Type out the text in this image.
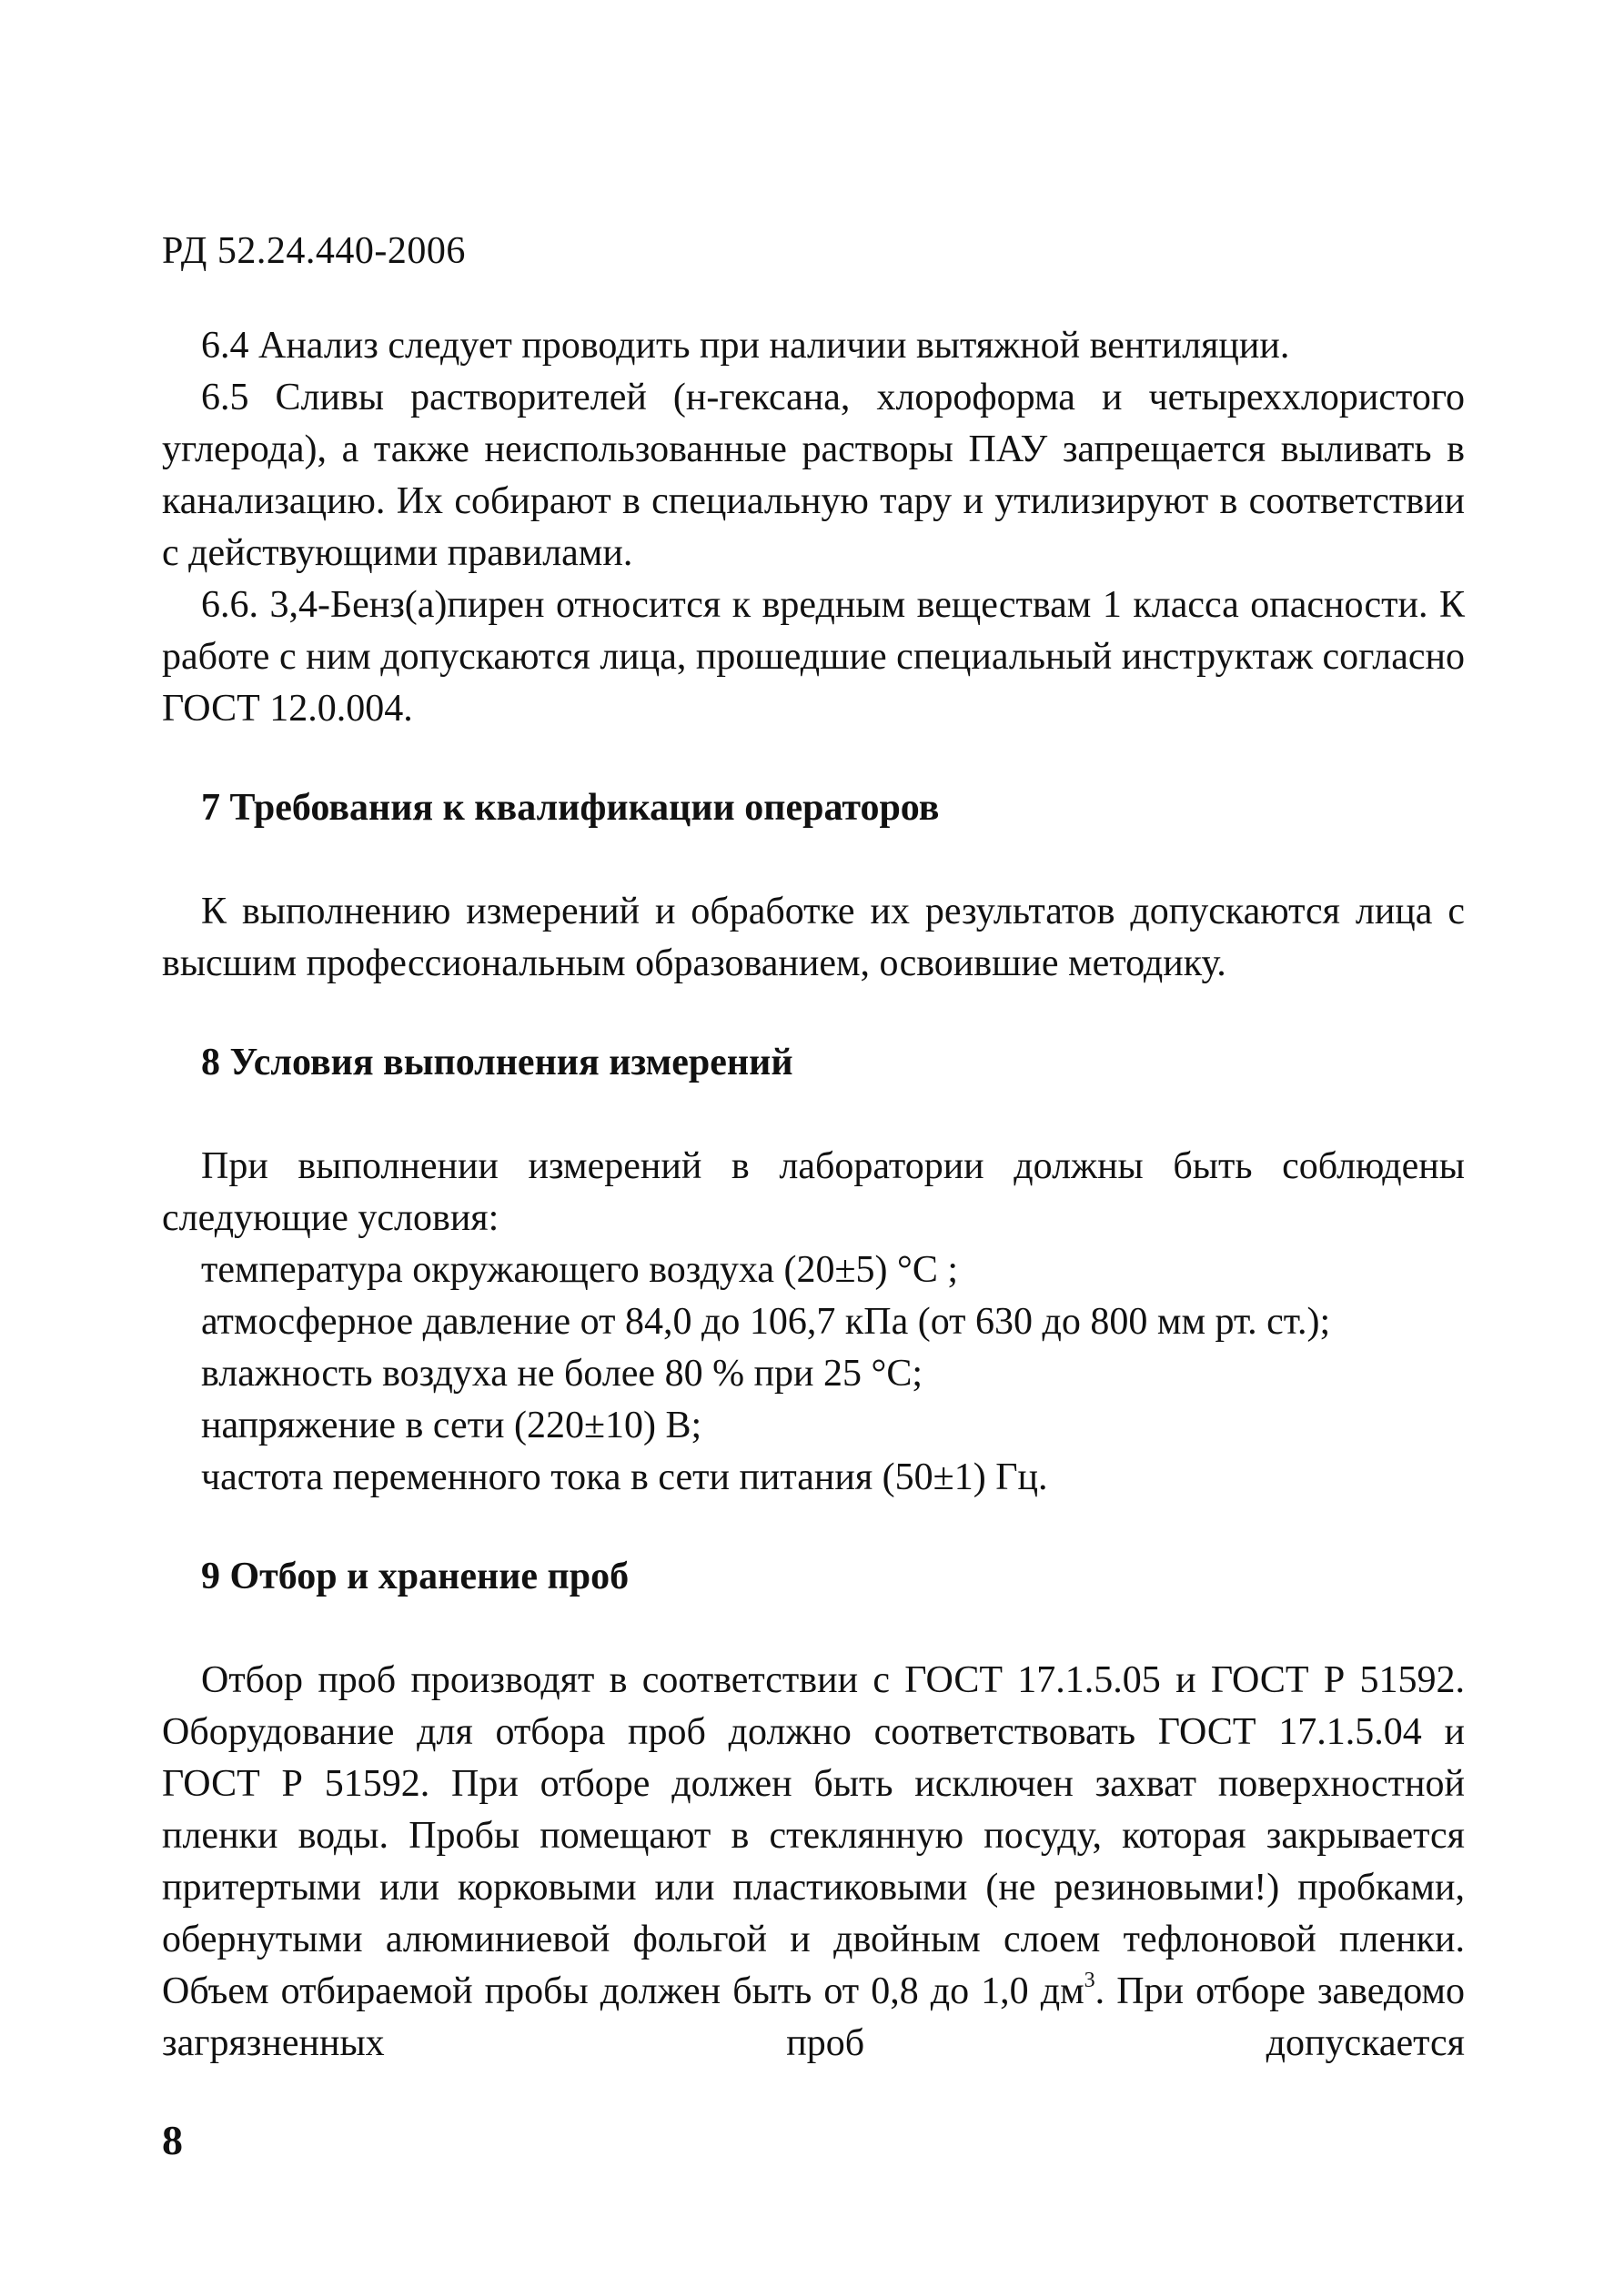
РД 52.24.440-2006

6.4 Анализ следует проводить при наличии вытяжной вентиляции.

6.5 Сливы растворителей (н-гексана, хлороформа и четыреххлористого углерода), а также неиспользованные растворы ПАУ запрещается выливать в канализацию. Их собирают в специальную тару и утилизируют в соответствии с действующими правилами.

6.6. 3,4-Бенз(а)пирен относится к вредным веществам 1 класса опасности. К работе с ним допускаются лица, прошедшие специальный инструктаж согласно ГОСТ 12.0.004.

7 Требования к квалификации операторов

К выполнению измерений и обработке их результатов допускаются лица с высшим профессиональным образованием, освоившие методику.

8 Условия выполнения измерений

При выполнении измерений в лаборатории должны быть соблюдены следующие условия:

температура окружающего воздуха (20±5) °С ;
атмосферное давление от 84,0 до 106,7 кПа (от 630 до 800 мм рт. ст.);
влажность воздуха не более 80 % при 25 °С;
напряжение в сети (220±10) В;
частота переменного тока в сети питания (50±1) Гц.
9 Отбор и хранение проб

Отбор проб производят в соответствии с ГОСТ 17.1.5.05 и ГОСТ Р 51592. Оборудование для отбора проб должно соответствовать ГОСТ 17.1.5.04 и ГОСТ Р 51592. При отборе должен быть исключен захват поверхностной пленки воды. Пробы помещают в стеклянную посуду, которая закрывается притертыми или корковыми или пластиковыми (не резиновыми!) пробками, обернутыми алюминиевой фольгой и двойным слоем тефлоновой пленки. Объем отбираемой пробы должен быть от 0,8 до 1,0 $дм^3$. При отборе заведомо загрязненных проб допускается

8
